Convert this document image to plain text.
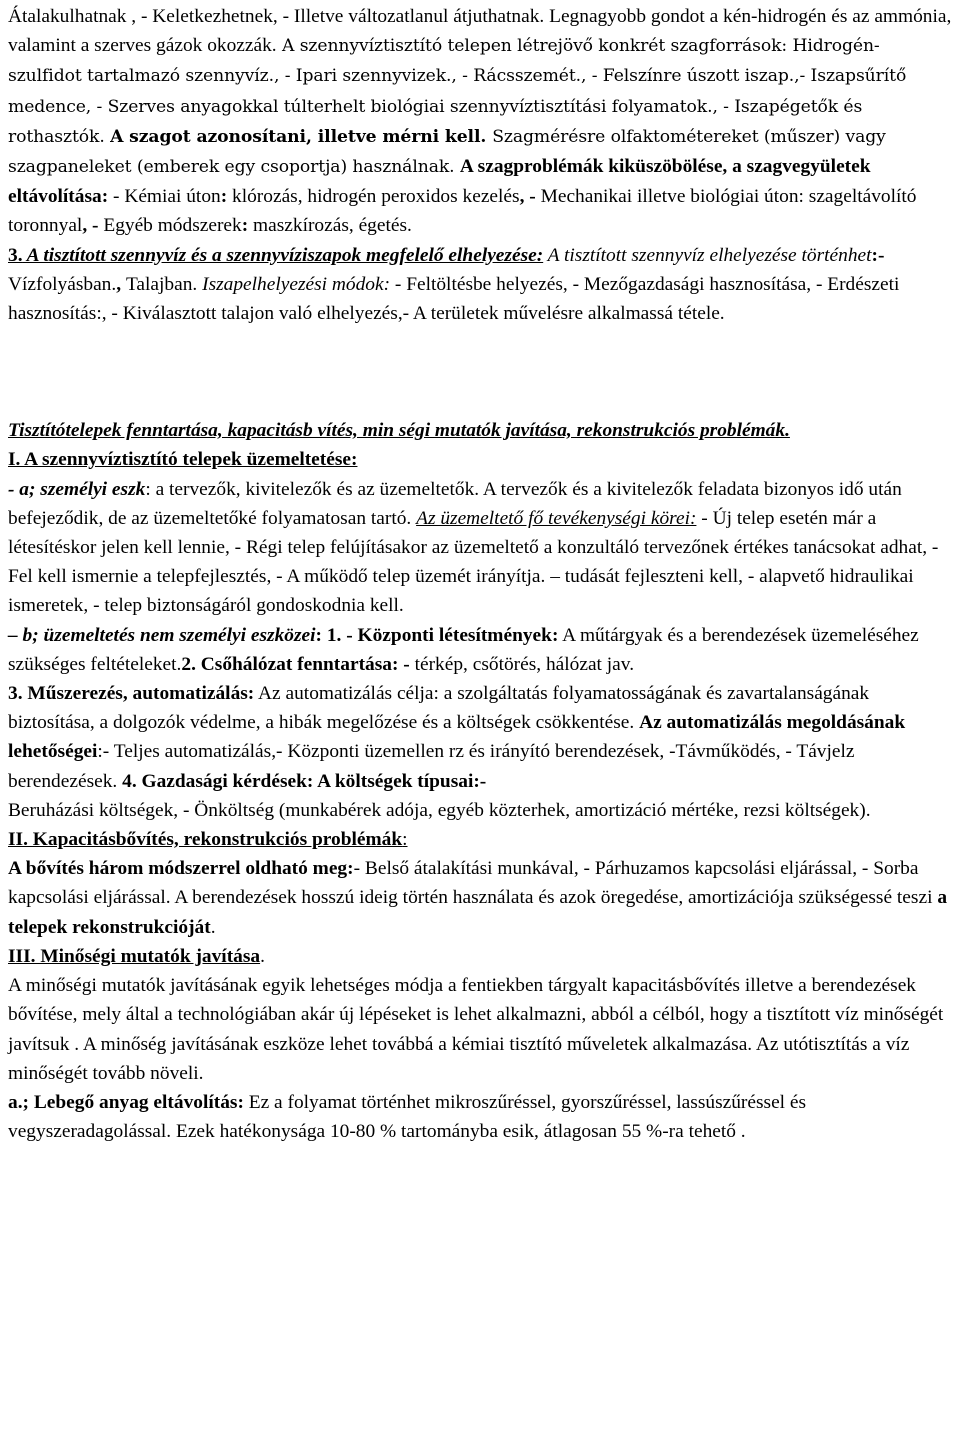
Átalakulhatnak , - Keletkezhetnek, - Illetve változatlanul átjuthatnak. Legnagyobb gondot a kén-hidrogén és az ammónia, valamint a szerves gázok okozzák. A szennyvíztisztító telepen létrejövő konkrét szagforrások: Hidrogén-szulfidot tartalmazó szennyvíz., - Ipari szennyvizek., - Rácsszemét., - Felszínre úszott iszap.,- Iszapsűrítő medence, - Szerves anyagokkal túlterhelt biológiai szennyvíztisztítási folyamatok., - Iszapégetők és rothasztók. A szagot azonosítani, illetve mérni kell. Szagmérésre olfaktométereket (műszer) vagy szagpaneleket (emberek egy csoportja) használnak. A szagproblémák kiküszöbölése, a szagvegyületek eltávolítása: - Kémiai úton: klórozás, hidrogén peroxidos kezelés, - Mechanikai illetve biológiai úton: szageltávolító toronnyal, - Egyéb módszerek: maszkírozás, égetés.
3. A tisztított szennyvíz és a szennyvíziszapok megfelelő elhelyezése: A tisztított szennyvíz elhelyezése történhet:- Vízfolyásban., Talajban. Iszapelhelyezési módok: - Feltöltésbe helyezés, - Mezőgazdasági hasznosítása, - Erdészeti hasznosítás:, - Kiválasztott talajon való elhelyezés,- A területek művelésre alkalmassá tétele.
Tisztítótelepek fenntartása, kapacitásb vítés, min ségi mutatók javítása, rekonstrukciós problémák.
I. A szennyvíztisztító telepek üzemeltetése:
- a; személyi eszk: a tervezők, kivitelezők és az üzemeltetők. A tervezők és a kivitelezők feladata bizonyos idő után befejeződik, de az üzemeltetőké folyamatosan tartó. Az üzemeltető fő tevékenységi körei: - Új telep esetén már a létesítéskor jelen kell lennie, - Régi telep felújításakor az üzemeltető a konzultáló tervezőnek értékes tanácsokat adhat, - Fel kell ismernie a telepfejlesztés, - A működő telep üzemét irányítja. – tudását fejleszteni kell, - alapvető hidraulikai ismeretek, - telep biztonságáról gondoskodnia kell.
– b; üzemeltetés nem személyi eszközei: 1. - Központi létesítmények: A műtárgyak és a berendezések üzemeléséhez szükséges feltételeket.2. Csőhálózat fenntartása: - térkép, csőtörés, hálózat jav.
3. Műszerezés, automatizálás: Az automatizálás célja: a szolgáltatás folyamatosságának és zavartalanságának
biztosítása, a dolgozók védelme, a hibák megelőzése és a költségek csökkentése. Az automatizálás megoldásának lehetőségei:- Teljes automatizálás,- Központi üzemellen rz és irányító berendezések, -Távműködés, - Távjelz berendezések. 4. Gazdasági kérdések: A költségek típusai:-
Beruházási költségek, - Önköltség (munkabérek adója, egyéb közterhek, amortizáció mértéke, rezsi költségek).
II. Kapacitásbővítés, rekonstrukciós problémák:
A bővítés három módszerrel oldható meg:- Belső átalakítási munkával, - Párhuzamos kapcsolási eljárással, - Sorba kapcsolási eljárással. A berendezések hosszú ideig történ használata és azok öregedése, amortizációja szükségessé teszi a telepek rekonstrukcióját.
III. Minőségi mutatók javítása.
A minőségi mutatók javításának egyik lehetséges módja a fentiekben tárgyalt kapacitásbővítés illetve a berendezések bővítése, mely által a technológiában akár új lépéseket is lehet alkalmazni, abból a célból, hogy a tisztított víz minőségét javítsuk . A minőség javításának eszköze lehet továbbá a kémiai tisztító műveletek alkalmazása. Az utótisztítás a víz minőségét tovább növeli.
a.; Lebegő anyag eltávolítás: Ez a folyamat történhet mikroszűréssel, gyorszűréssel, lassúszűréssel és
vegyszeradagolással. Ezek hatékonysága 10-80 % tartományba esik, átlagosan 55 %-ra tehető .
